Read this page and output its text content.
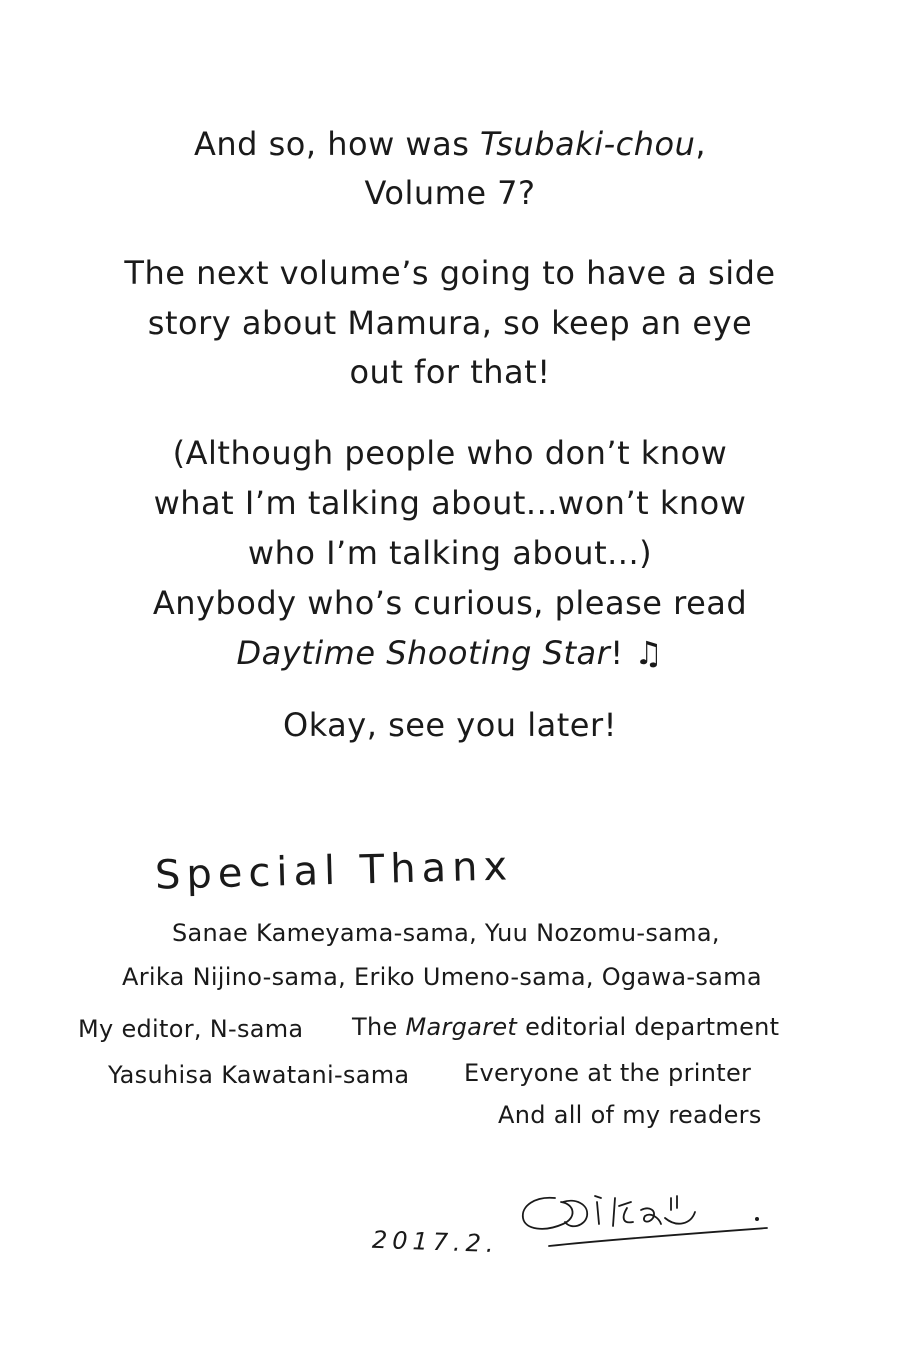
And so, how was Tsubaki-chou,
Volume 7?
The next volume’s going to have a side
story about Mamura, so keep an eye
out for that!
(Although people who don’t know
what I’m talking about...won’t know
who I’m talking about...)
Anybody who’s curious, please read
Daytime Shooting Star! ♫
Okay, see you later!
Special Thanx
Sanae Kameyama-sama, Yuu Nozomu-sama,
Arika Nijino-sama, Eriko Umeno-sama, Ogawa-sama
My editor, N-sama The Margaret editorial department
Yasuhisa Kawatani-sama Everyone at the printer
And all of my readers
2017.2.
